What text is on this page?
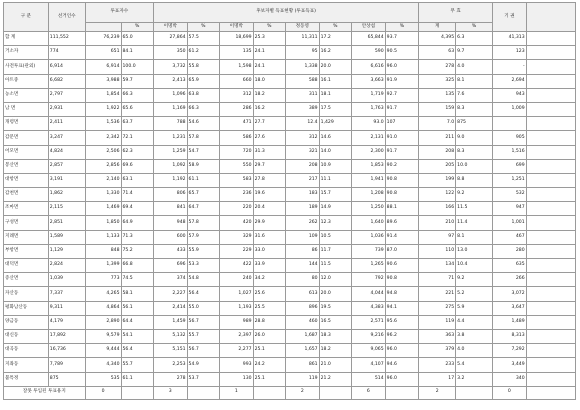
구 분	선거인수	투표자수		후보자별 득표현황 (투표득표)								무 효		기 권	
			%	이명박	%	이명박	%	정동영	%	안상섭	%	계	%		
합 계	111,552	76,239	65.0	27,864	57.5	18,699	25.3	11,311	17.2	65,844	93.7	4,395	6.3	41,313	
거소자	774	651	84.1	350	61.2	135	24.1	95	16.2	590	90.5	63	9.7	123	
사전투표(관외)	6,914	6,914	100.0	3,732	55.8	1,598	24.1	1,338	20.0	6,616	96.0	278	4.0	-	
아트중	6,682	3,988	59.7	2,413	65.9	660	18.0	588	16.1	3,663	91.9	325	8.1	2,694	
농소면	2,797	1,854	66.3	1,096	63.8	312	18.2	311	18.1	1,719	92.7	135	7.6	943	
남 면	2,931	1,922	65.6	1,169	66.3	286	16.2	389	17.5	1,763	91.7	159	8.3	1,009	
개령면	2,411	1,536	63.7	788	54.6	471	27.7	12.4	1,429	93.0	107	7.0	875		
감문면	3,247	2,342	72.1	1,231	57.8	586	27.6	312	14.6	2,131	91.0	211	9.0	905	
어모면	4,824	2,506	62.3	1,259	54.7	720	31.3	321	14.0	2,300	91.7	208	8.3	1,516	
봉산면	2,857	2,856	69.6	1,092	58.9	550	29.7	208	10.9	1,853	90.2	205	10.0	699	
대항면	3,191	2,140	63.1	1,192	61.1	583	27.8	217	11.1	1,941	90.8	199	8.8	1,251	
감천면	1,862	1,330	71.4	806	65.7	236	19.6	183	15.7	1,208	90.8	122	9.2	532	
조마면	2,115	1,469	69.4	841	64.7	220	20.4	189	14.9	1,250	88.1	166	11.5	947	
구성면	2,851	1,850	64.9	948	57.8	420	29.9	262	12.3	1,640	89.6	210	11.4	1,001	
지례면	1,589	1,133	71.3	600	57.9	329	31.6	109	10.5	1,036	91.4	97	8.1	467	
부항면	1,129	848	75.2	433	55.9	229	33.0	86	11.7	739	87.0	110	13.0	280	
대덕면	2,824	1,399	66.8	696	53.3	422	33.9	144	11.5	1,265	90.6	134	10.4	635	
증산면	1,039	773	74.5	374	54.8	240	34.2	80	12.0	792	90.8	71	9.2	266	
자산동	7,337	4,265	58.1	2,227	56.4	1,027	25.6	613	20.0	4,044	94.8	221	5.2	3,072	
평화남산동	9,311	4,864	56.1	2,414	55.0	1,193	25.5	896	19.5	4,383	94.1	275	5.9	3,647	
양금동	4,179	2,890	64.4	1,459	56.7	989	28.8	460	16.5	2,571	95.6	119	4.4	1,489	
대신동	17,892	9,579	54.1	5,132	55.7	2,397	26.0	1,687	18.3	9,216	96.2	363	3.8	8,313	
대곡동	16,736	9,444	56.4	5,151	56.7	2,277	25.1	1,657	18.2	9,065	96.0	379	4.0	7,292	
지좌동	7,789	4,340	55.7	2,253	54.9	993	24.2	861	21.0	4,107	94.6	233	5.4	3,449	
불특정	875	535	61.1	278	53.7	130	25.1	119	21.2	514	96.0	17	3.2	340	
잘못 투입된 투표용지		0		3		1		2		6		2		0	
